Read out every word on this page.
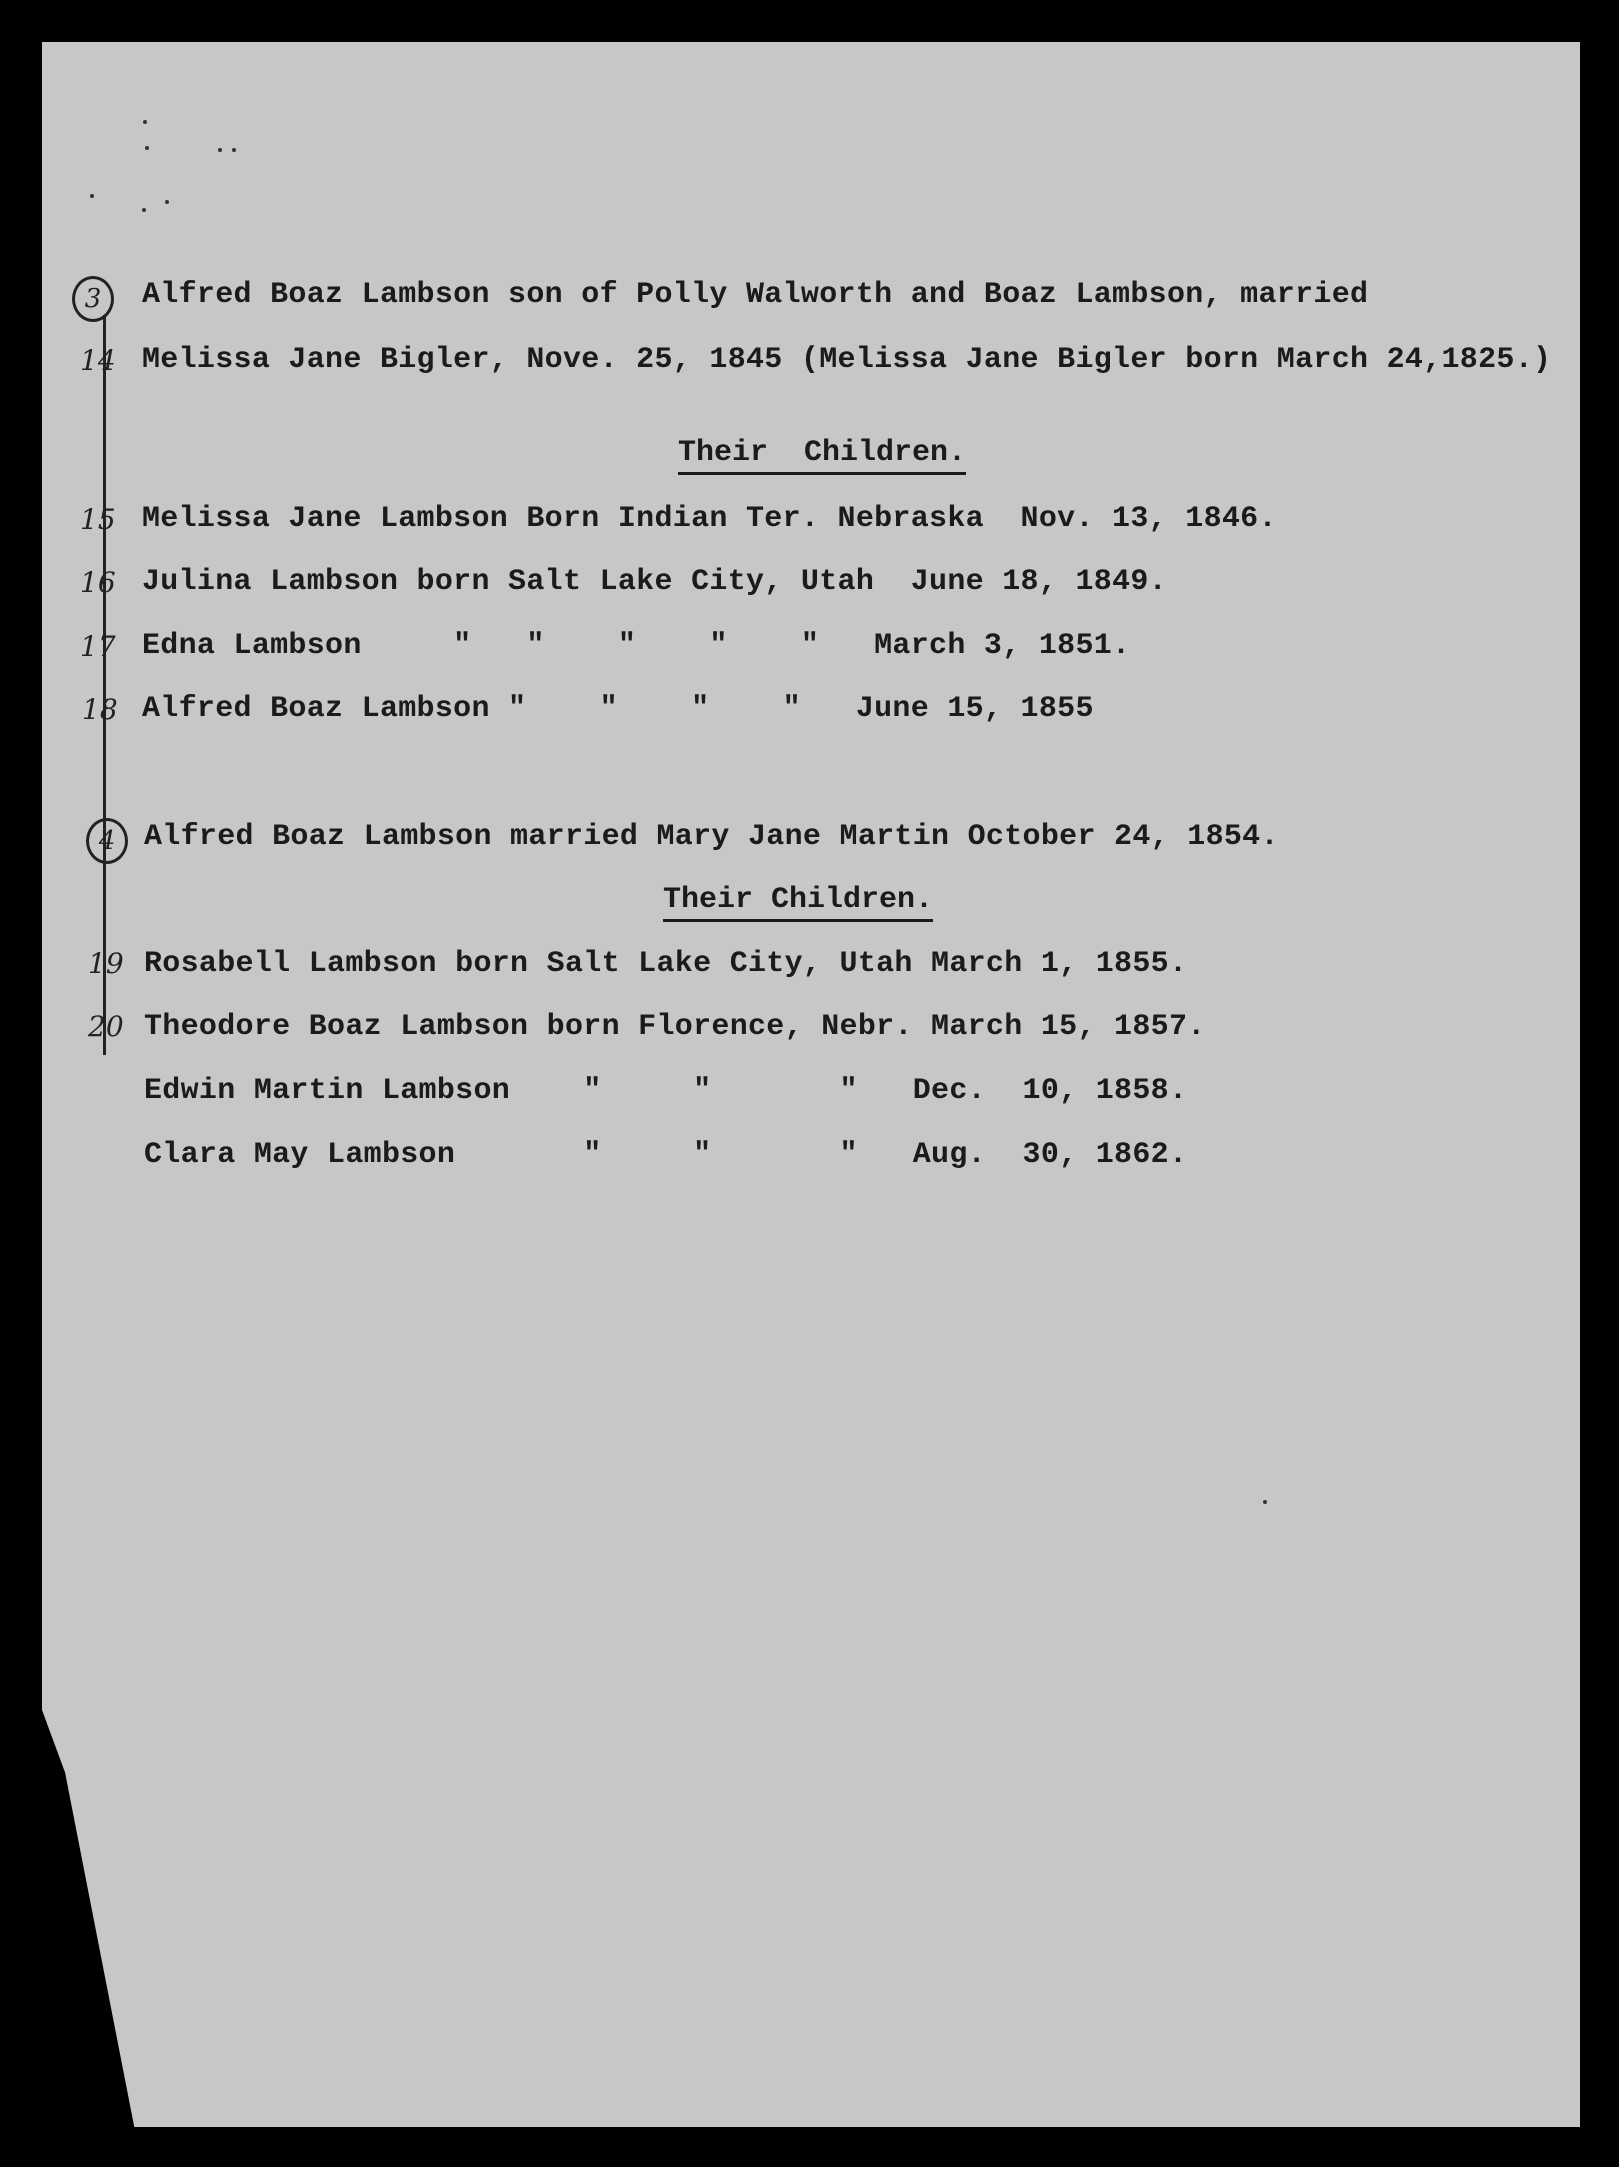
3
14
15
16
17
18
4
19
20
Alfred Boaz Lambson son of Polly Walworth and Boaz Lambson, married
Melissa Jane Bigler, Nove. 25, 1845 (Melissa Jane Bigler born March 24,1825.)
Their  Children.
Melissa Jane Lambson Born Indian Ter. Nebraska  Nov. 13, 1846.
Julina Lambson born Salt Lake City, Utah  June 18, 1849.
Edna Lambson     "   "    "    "    "   March 3, 1851.
Alfred Boaz Lambson "    "    "    "   June 15, 1855
Alfred Boaz Lambson married Mary Jane Martin October 24, 1854.
Their Children.
Rosabell Lambson born Salt Lake City, Utah March 1, 1855.
Theodore Boaz Lambson born Florence, Nebr. March 15, 1857.
Edwin Martin Lambson    "     "       "   Dec.  10, 1858.
Clara May Lambson       "     "       "   Aug.  30, 1862.
